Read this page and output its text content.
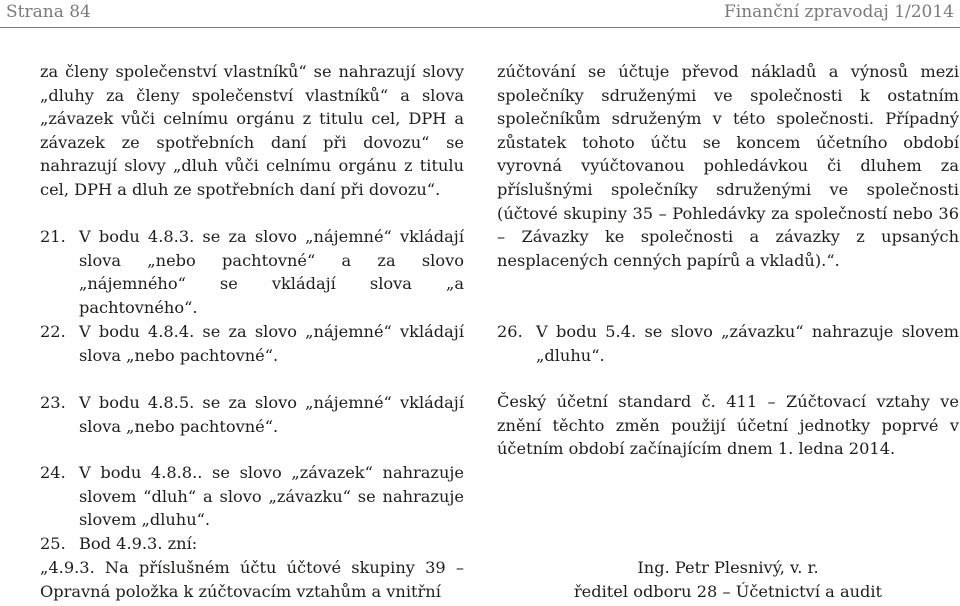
Strana 84	Finanční zpravodaj 1/2014

za členy společenství vlastníků“ se nahrazují slovy „dluhy za členy společenství vlastníků“ a slova „závazek vůči celnímu orgánu z titulu cel, DPH a závazek ze spotřebních daní při dovozu“ se nahrazují slovy „dluh vůči celnímu orgánu z titulu cel, DPH a dluh ze spotřebních daní při dovozu“.

21. V bodu 4.8.3. se za slovo „nájemné“ vkládají slova „nebo pachtovné“ a za slovo „nájemného“ se vkládají slova „a pachtovného“.
22. V bodu 4.8.4. se za slovo „nájemné“ vkládají slova „nebo pachtovné“.
23. V bodu 4.8.5. se za slovo „nájemné“ vkládají slova „nebo pachtovné“.
24. V bodu 4.8.8.. se slovo „závazek“ nahrazuje slovem “dluh“ a slovo „závazku“ se nahrazuje slovem „dluhu“.
25. Bod 4.9.3. zní:

„4.9.3. Na příslušném účtu účtové skupiny 39 – Opravná položka k zúčtovacím vztahům a vnitřní

zúčtování se účtuje převod nákladů a výnosů mezi společníky sdruženými ve společnosti k ostatním společníkům sdruženým v této společnosti. Případný zůstatek tohoto účtu se koncem účetního období vyrovná vyúčtovanou pohledávkou či dluhem za příslušnými společníky sdruženými ve společnosti (účtové skupiny 35 – Pohledávky za společností nebo 36 – Závazky ke společnosti a závazky z upsaných nesplacených cenných papírů a vkladů).“.

26. V bodu 5.4. se slovo „závazku“ nahrazuje slovem „dluhu“.

Český účetní standard č. 411 – Zúčtovací vztahy ve znění těchto změn použijí účetní jednotky poprvé v účetním období začínajícím dnem 1. ledna 2014.

Ing. Petr Plesnivý, v. r.
ředitel odboru 28 – Účetnictví a audit
